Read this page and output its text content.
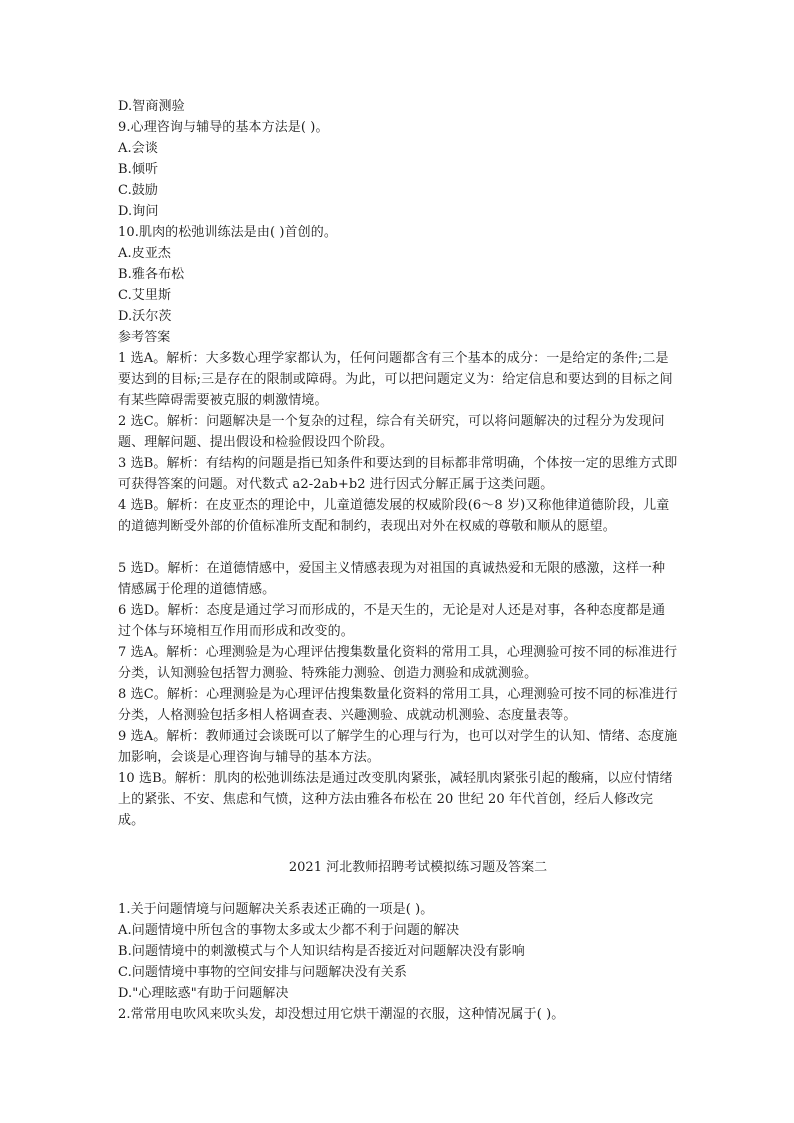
D.智商测验
9.心理咨询与辅导的基本方法是( )。
A.会谈
B.倾听
C.鼓励
D.询问
10.肌肉的松弛训练法是由( )首创的。
A.皮亚杰
B.雅各布松
C.艾里斯
D.沃尔茨
参考答案
1 选A。解析：大多数心理学家都认为，任何问题都含有三个基本的成分：一是给定的条件;二是要达到的目标;三是存在的限制或障碍。为此，可以把问题定义为：给定信息和要达到的目标之间有某些障碍需要被克服的刺激情境。
2 选C。解析：问题解决是一个复杂的过程，综合有关研究，可以将问题解决的过程分为发现问题、理解问题、提出假设和检验假设四个阶段。
3 选B。解析：有结构的问题是指已知条件和要达到的目标都非常明确，个体按一定的思维方式即可获得答案的问题。对代数式 a2-2ab+b2 进行因式分解正属于这类问题。
4 选B。解析：在皮亚杰的理论中，儿童道德发展的权威阶段(6～8 岁)又称他律道德阶段，儿童的道德判断受外部的价值标准所支配和制约，表现出对外在权威的尊敬和顺从的愿望。
5 选D。解析：在道德情感中，爱国主义情感表现为对祖国的真诚热爱和无限的感激，这样一种情感属于伦理的道德情感。
6 选D。解析：态度是通过学习而形成的，不是天生的，无论是对人还是对事，各种态度都是通过个体与环境相互作用而形成和改变的。
7 选A。解析：心理测验是为心理评估搜集数量化资料的常用工具，心理测验可按不同的标准进行分类，认知测验包括智力测验、特殊能力测验、创造力测验和成就测验。
8 选C。解析：心理测验是为心理评估搜集数量化资料的常用工具，心理测验可按不同的标准进行分类，人格测验包括多相人格调查表、兴趣测验、成就动机测验、态度量表等。
9 选A。解析：教师通过会谈既可以了解学生的心理与行为，也可以对学生的认知、情绪、态度施加影响，会谈是心理咨询与辅导的基本方法。
10 选B。解析：肌肉的松弛训练法是通过改变肌肉紧张，减轻肌肉紧张引起的酸痛，以应付情绪上的紧张、不安、焦虑和气愤，这种方法由雅各布松在 20 世纪 20 年代首创，经后人修改完成。
2021 河北教师招聘考试模拟练习题及答案二
1.关于问题情境与问题解决关系表述正确的一项是( )。
A.问题情境中所包含的事物太多或太少都不利于问题的解决
B.问题情境中的刺激模式与个人知识结构是否接近对问题解决没有影响
C.问题情境中事物的空间安排与问题解决没有关系
D."心理眩惑"有助于问题解决
2.常常用电吹风来吹头发，却没想过用它烘干潮湿的衣服，这种情况属于( )。
